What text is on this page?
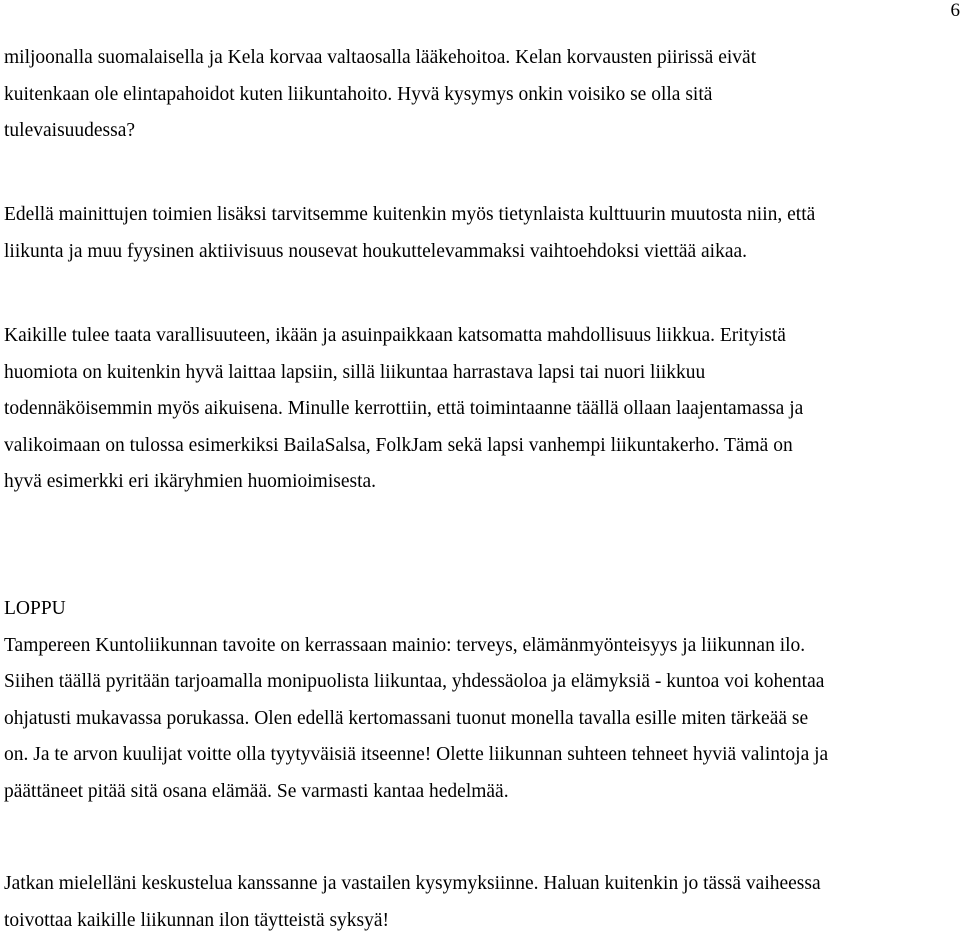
6

miljoonalla suomalaisella ja Kela korvaa valtaosalla lääkehoitoa. Kelan korvausten piirissä eivät
kuitenkaan ole elintapahoidot kuten liikuntahoito. Hyvä kysymys onkin voisiko se olla sitä
tulevaisuudessa?

Edellä mainittujen toimien lisäksi tarvitsemme kuitenkin myös tietynlaista kulttuurin muutosta niin, että
liikunta ja muu fyysinen aktiivisuus nousevat houkuttelevammaksi vaihtoehdoksi viettää aikaa.

Kaikille tulee taata varallisuuteen, ikään ja asuinpaikkaan katsomatta mahdollisuus liikkua. Erityistä
huomiota on kuitenkin hyvä laittaa lapsiin, sillä liikuntaa harrastava lapsi tai nuori liikkuu
todennäköisemmin myös aikuisena. Minulle kerrottiin, että toimintaanne täällä ollaan laajentamassa ja
valikoimaan on tulossa esimerkiksi BailaSalsa, FolkJam sekä lapsi vanhempi liikuntakerho. Tämä on
hyvä esimerkki eri ikäryhmien huomioimisesta.

LOPPU
Tampereen Kuntoliikunnan tavoite on kerrassaan mainio: terveys, elämänmyönteisyys ja liikunnan ilo.
Siihen täällä pyritään tarjoamalla monipuolista liikuntaa, yhdessäoloa ja elämyksiä - kuntoa voi kohentaa
ohjatusti mukavassa porukassa. Olen edellä kertomassani tuonut monella tavalla esille miten tärkeää se
on. Ja te arvon kuulijat voitte olla tyytyväisiä itseenne! Olette liikunnan suhteen tehneet hyviä valintoja ja
päättäneet pitää sitä osana elämää. Se varmasti kantaa hedelmää.

Jatkan mielelläni keskustelua kanssanne ja vastailen kysymyksiinne. Haluan kuitenkin jo tässä vaiheessa
toivottaa kaikille liikunnan ilon täytteistä syksyä!
